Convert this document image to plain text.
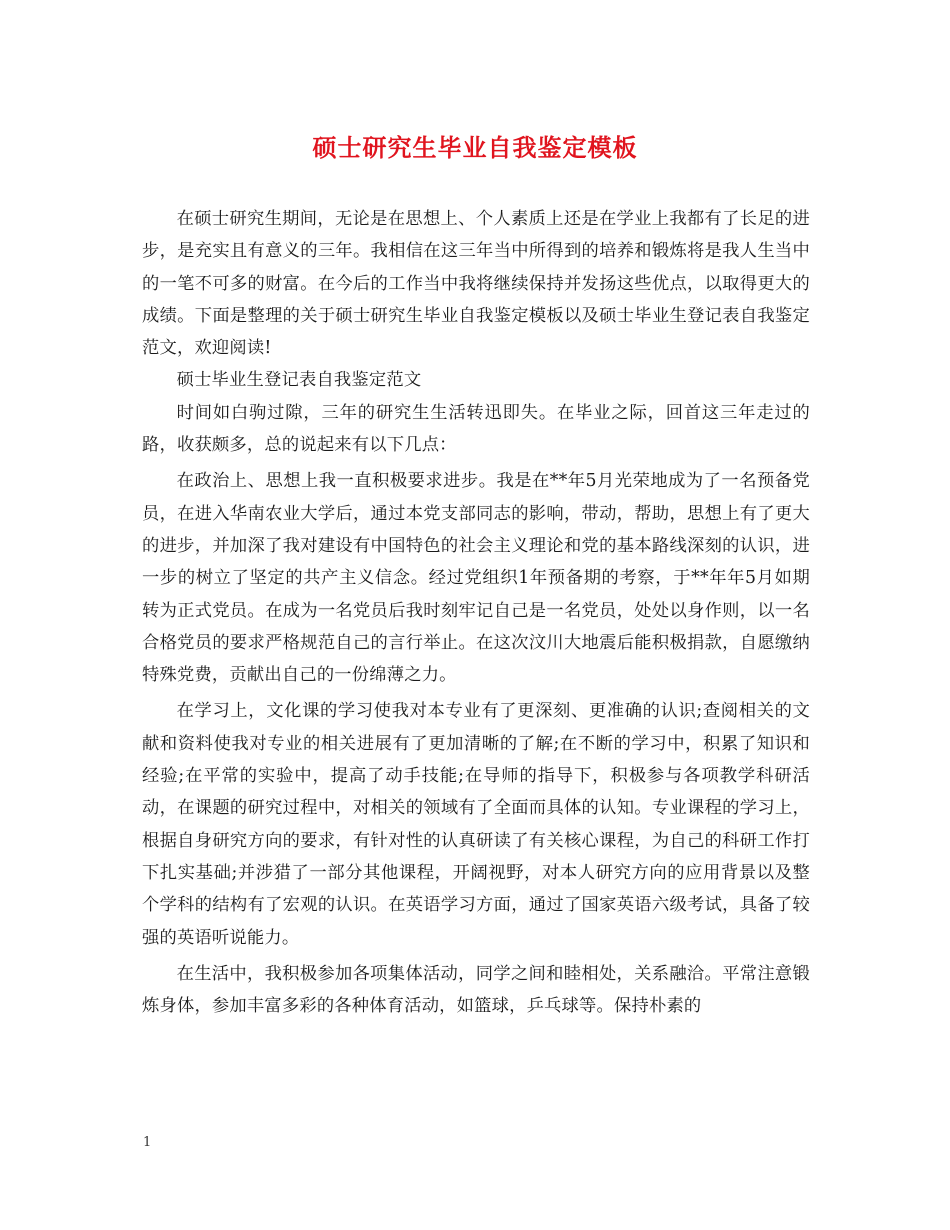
硕士研究生毕业自我鉴定模板

在硕士研究生期间，无论是在思想上、个人素质上还是在学业上我都有了长足的进步，是充实且有意义的三年。我相信在这三年当中所得到的培养和锻炼将是我人生当中的一笔不可多的财富。在今后的工作当中我将继续保持并发扬这些优点，以取得更大的成绩。下面是整理的关于硕士研究生毕业自我鉴定模板以及硕士毕业生登记表自我鉴定范文，欢迎阅读!

硕士毕业生登记表自我鉴定范文

时间如白驹过隙，三年的研究生生活转迅即失。在毕业之际，回首这三年走过的路，收获颇多，总的说起来有以下几点：

在政治上、思想上我一直积极要求进步。我是在**年5月光荣地成为了一名预备党员，在进入华南农业大学后，通过本党支部同志的影响，带动，帮助，思想上有了更大的进步，并加深了我对建设有中国特色的社会主义理论和党的基本路线深刻的认识，进一步的树立了坚定的共产主义信念。经过党组织1年预备期的考察，于**年年5月如期转为正式党员。在成为一名党员后我时刻牢记自己是一名党员，处处以身作则，以一名合格党员的要求严格规范自己的言行举止。在这次汶川大地震后能积极捐款，自愿缴纳特殊党费，贡献出自己的一份绵薄之力。

在学习上，文化课的学习使我对本专业有了更深刻、更准确的认识;查阅相关的文献和资料使我对专业的相关进展有了更加清晰的了解;在不断的学习中，积累了知识和经验;在平常的实验中，提高了动手技能;在导师的指导下，积极参与各项教学科研活动，在课题的研究过程中，对相关的领域有了全面而具体的认知。专业课程的学习上，根据自身研究方向的要求，有针对性的认真研读了有关核心课程，为自己的科研工作打下扎实基础;并涉猎了一部分其他课程，开阔视野，对本人研究方向的应用背景以及整个学科的结构有了宏观的认识。在英语学习方面，通过了国家英语六级考试，具备了较强的英语听说能力。

在生活中，我积极参加各项集体活动，同学之间和睦相处，关系融洽。平常注意锻炼身体，参加丰富多彩的各种体育活动，如篮球，乒乓球等。保持朴素的

1
